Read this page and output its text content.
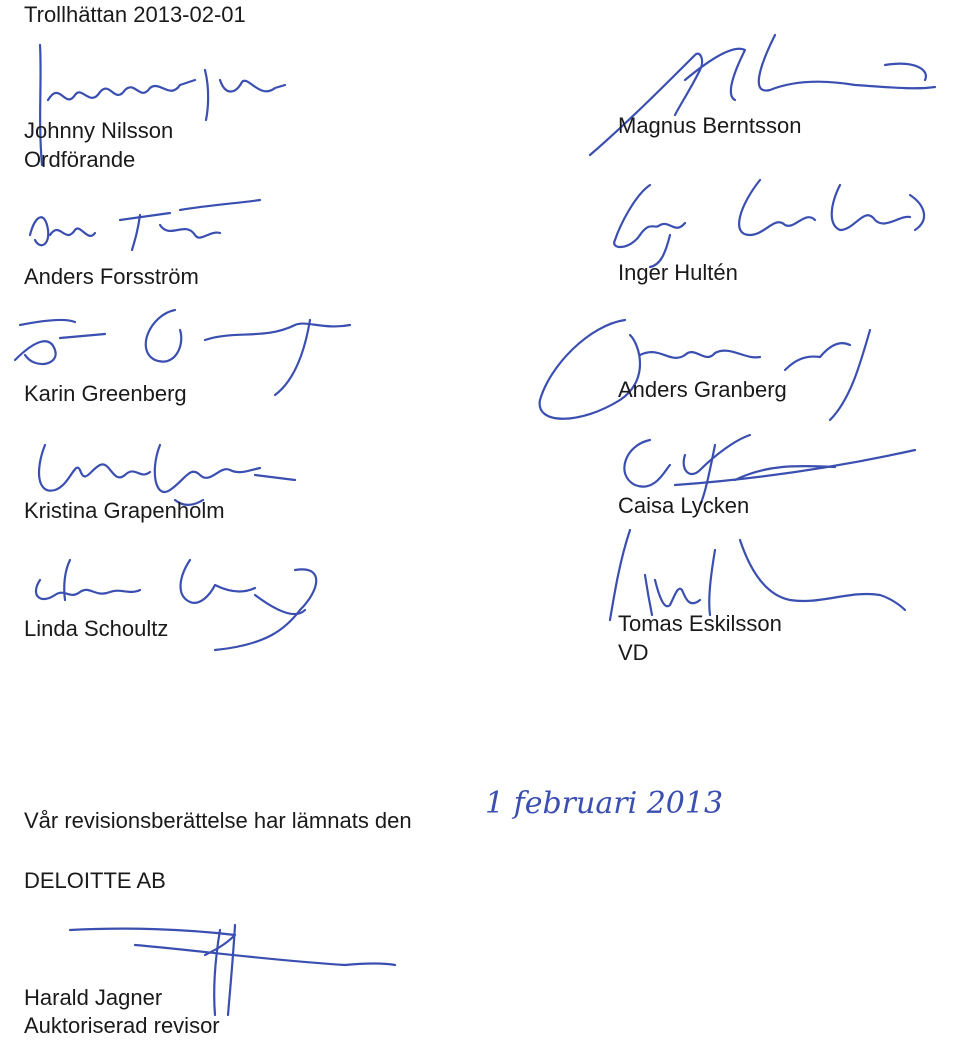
Trollhättan 2013-02-01
Johnny Nilsson
Ordförande
Anders Forsström
Karin Greenberg
Kristina Grapenholm
Linda Schoultz
Magnus Berntsson
Inger Hultén
Anders Granberg
Caisa Lycken
Tomas Eskilsson
VD
Vår revisionsberättelse har lämnats den 1 februari 2013
DELOITTE AB
Harald Jagner
Auktoriserad revisor
